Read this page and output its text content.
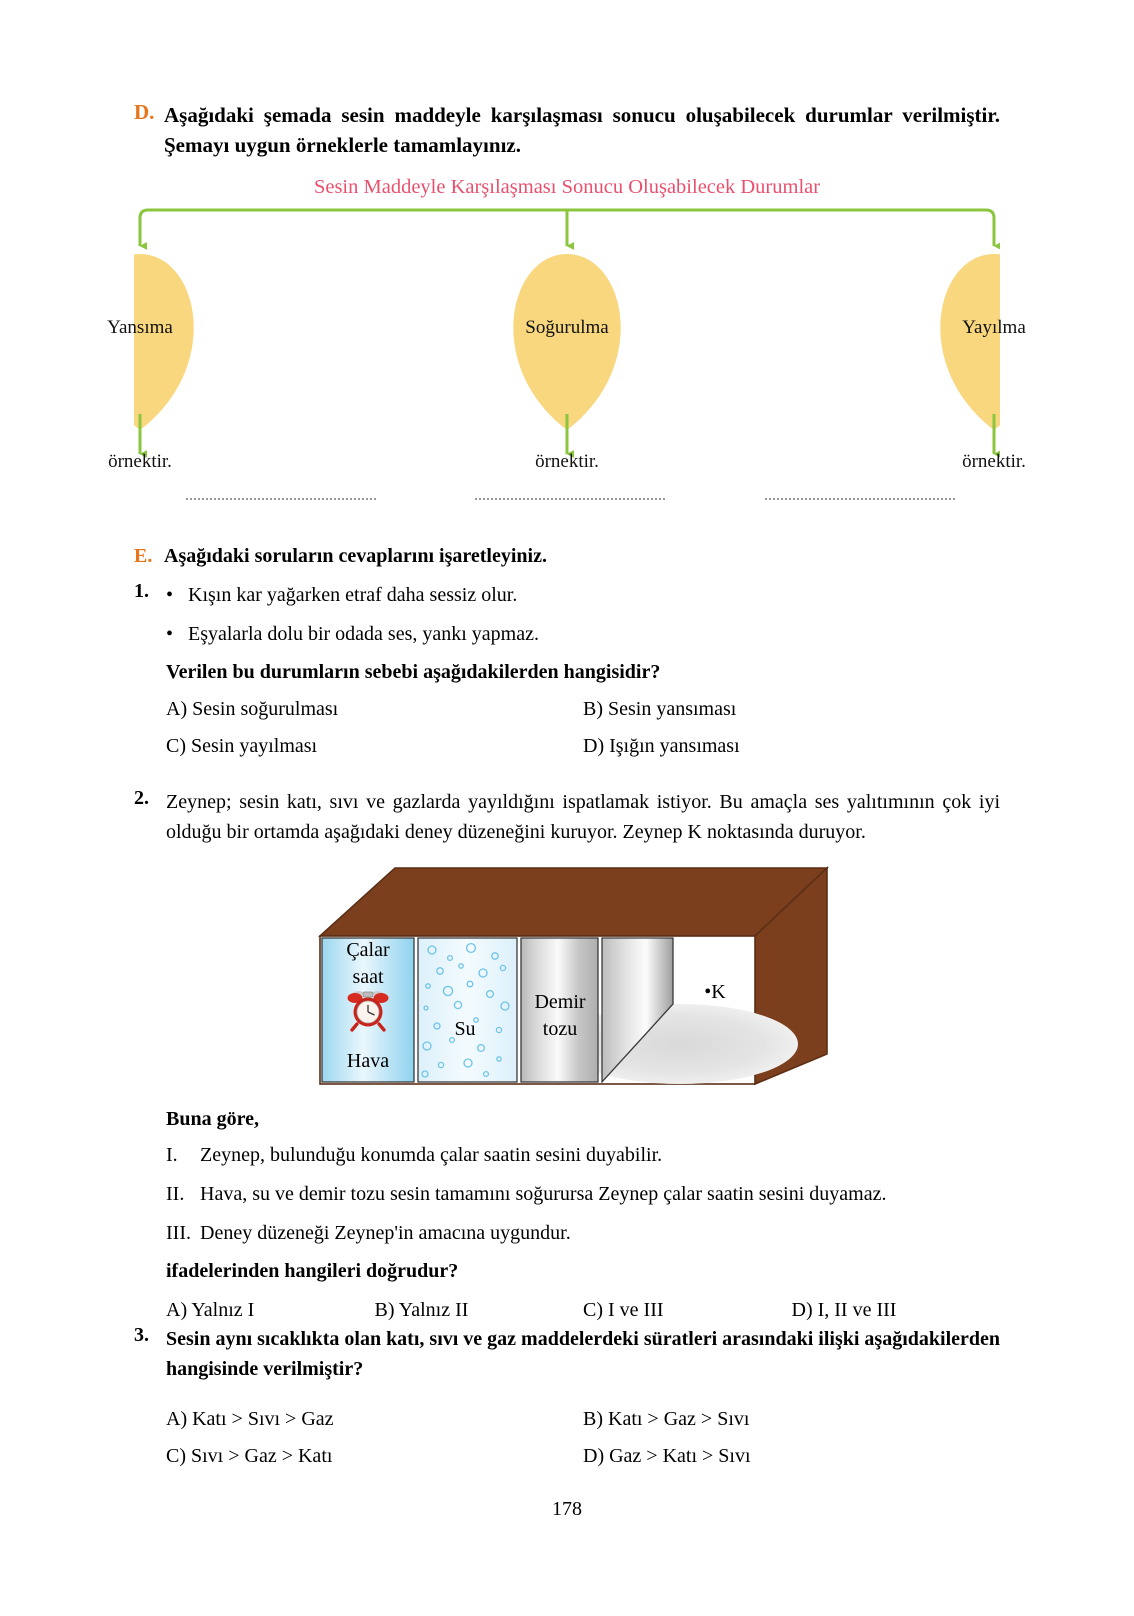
D. Aşağıdaki şemada sesin maddeyle karşılaşması sonucu oluşabilecek durumlar verilmiştir. Şemayı uygun örneklerle tamamlayınız.
Sesin Maddeyle Karşılaşması Sonucu Oluşabilecek Durumlar
Yansıma	Soğurulma	Yayılma
örnektir.	örnektir.	örnektir.
E. Aşağıdaki soruların cevaplarını işaretleyiniz.
1. • Kışın kar yağarken etraf daha sessiz olur.
• Eşyalarla dolu bir odada ses, yankı yapmaz.
Verilen bu durumların sebebi aşağıdakilerden hangisidir?
A) Sesin soğurulması	B) Sesin yansıması
C) Sesin yayılması	D) Işığın yansıması
2. Zeynep; sesin katı, sıvı ve gazlarda yayıldığını ispatlamak istiyor. Bu amaçla ses yalıtımının çok iyi olduğu bir ortamda aşağıdaki deney düzeneğini kuruyor. Zeynep K noktasında duruyor.
Çalar
saat
Hava
Su
Demir
tozu
•K
Buna göre,
I.	Zeynep, bulunduğu konumda çalar saatin sesini duyabilir.
II. Hava, su ve demir tozu sesin tamamını soğurursa Zeynep çalar saatin sesini duyamaz.
III. Deney düzeneği Zeynep'in amacına uygundur.
ifadelerinden hangileri doğrudur?
A) Yalnız I	B) Yalnız II	C) I ve III	D) I, II ve III
3. Sesin aynı sıcaklıkta olan katı, sıvı ve gaz maddelerdeki süratleri arasındaki ilişki aşağıdakilerden hangisinde verilmiştir?
A) Katı > Sıvı > Gaz	B) Katı > Gaz > Sıvı
C) Sıvı > Gaz > Katı	D) Gaz > Katı > Sıvı
178
